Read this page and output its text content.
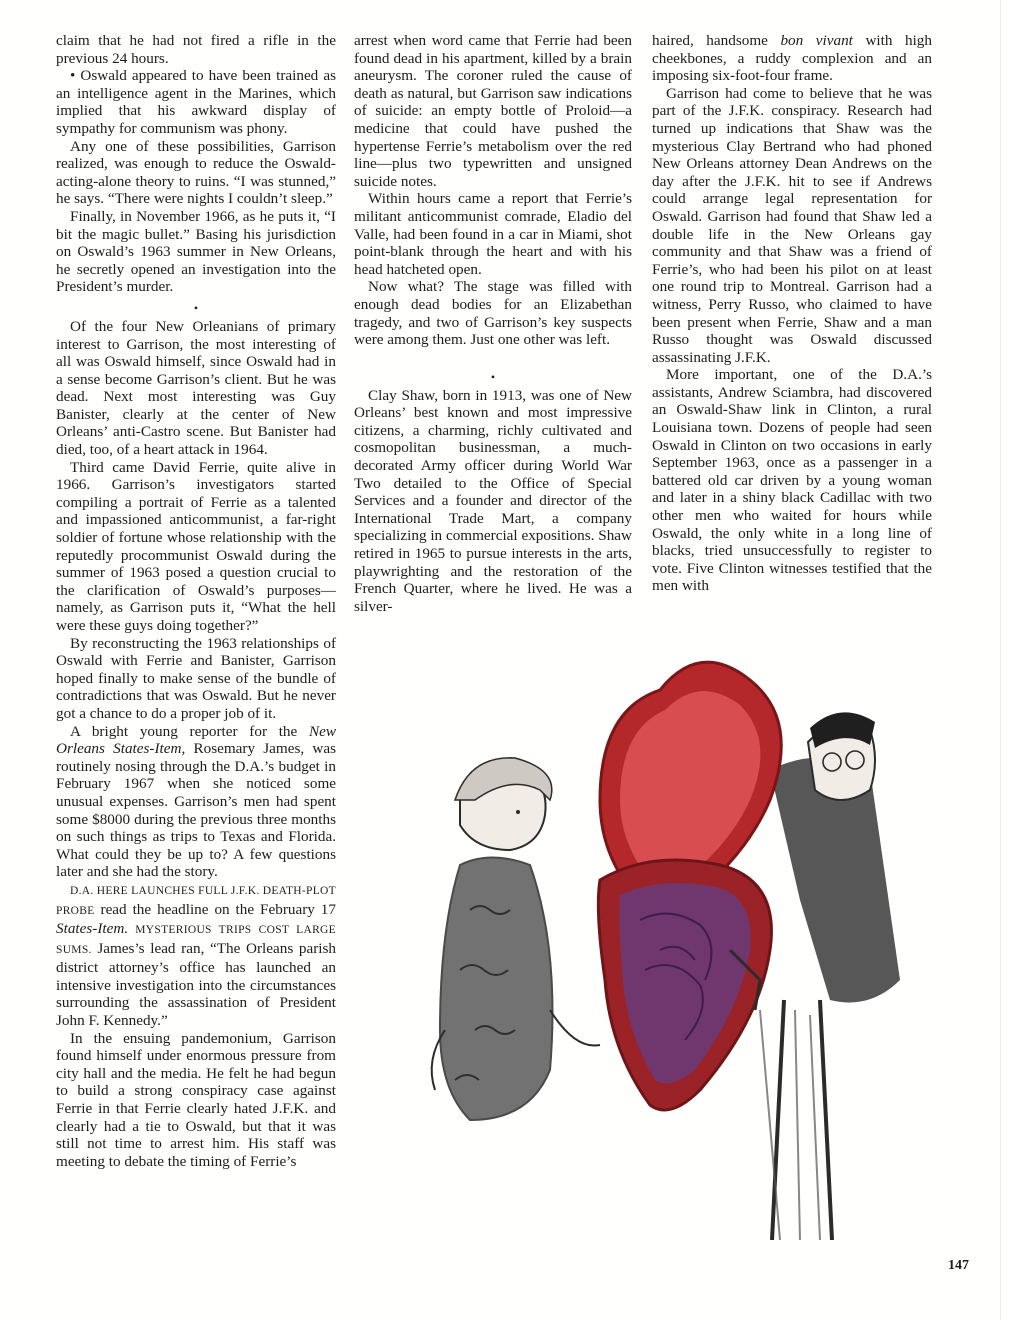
claim that he had not fired a rifle in the previous 24 hours.

• Oswald appeared to have been trained as an intelligence agent in the Marines, which implied that his awkward display of sympathy for communism was phony.

Any one of these possibilities, Garrison realized, was enough to reduce the Oswald-acting-alone theory to ruins. “I was stunned,” he says. “There were nights I couldn’t sleep.”

Finally, in November 1966, as he puts it, “I bit the magic bullet.” Basing his jurisdiction on Oswald’s 1963 summer in New Orleans, he secretly opened an investigation into the President’s murder.

•

Of the four New Orleanians of primary interest to Garrison, the most interesting of all was Oswald himself, since Oswald had in a sense become Garrison’s client. But he was dead. Next most interesting was Guy Banister, clearly at the center of New Orleans’ anti-Castro scene. But Banister had died, too, of a heart attack in 1964.

Third came David Ferrie, quite alive in 1966. Garrison’s investigators started compiling a portrait of Ferrie as a talented and impassioned anticommunist, a far-right soldier of fortune whose relationship with the reputedly procommunist Oswald during the summer of 1963 posed a question crucial to the clarification of Oswald’s purposes—namely, as Garrison puts it, “What the hell were these guys doing together?”

By reconstructing the 1963 relationships of Oswald with Ferrie and Banister, Garrison hoped finally to make sense of the bundle of contradictions that was Oswald. But he never got a chance to do a proper job of it.

A bright young reporter for the New Orleans States-Item, Rosemary James, was routinely nosing through the D.A.’s budget in February 1967 when she noticed some unusual expenses. Garrison’s men had spent some $8000 during the previous three months on such things as trips to Texas and Florida. What could they be up to? A few questions later and she had the story.

D.A. HERE LAUNCHES FULL J.F.K. DEATH-PLOT PROBE read the headline on the February 17 States-Item. MYSTERIOUS TRIPS COST LARGE SUMS. James’s lead ran, “The Orleans parish district attorney’s office has launched an intensive investigation into the circumstances surrounding the assassination of President John F. Kennedy.”

In the ensuing pandemonium, Garrison found himself under enormous pressure from city hall and the media. He felt he had begun to build a strong conspiracy case against Ferrie in that Ferrie clearly hated J.F.K. and clearly had a tie to Oswald, but that it was still not time to arrest him. His staff was meeting to debate the timing of Ferrie’s

arrest when word came that Ferrie had been found dead in his apartment, killed by a brain aneurysm. The coroner ruled the cause of death as natural, but Garrison saw indications of suicide: an empty bottle of Proloid—a medicine that could have pushed the hypertense Ferrie’s metabolism over the red line—plus two typewritten and unsigned suicide notes.

Within hours came a report that Ferrie’s militant anticommunist comrade, Eladio del Valle, had been found in a car in Miami, shot point-blank through the heart and with his head hatcheted open.

Now what? The stage was filled with enough dead bodies for an Elizabethan tragedy, and two of Garrison’s key suspects were among them. Just one other was left.

•

Clay Shaw, born in 1913, was one of New Orleans’ best known and most impressive citizens, a charming, richly cultivated and cosmopolitan businessman, a much-decorated Army officer during World War Two detailed to the Office of Special Services and a founder and director of the International Trade Mart, a company specializing in commercial expositions. Shaw retired in 1965 to pursue interests in the arts, playwrighting and the restoration of the French Quarter, where he lived. He was a silver-

haired, handsome bon vivant with high cheekbones, a ruddy complexion and an imposing six-foot-four frame.

Garrison had come to believe that he was part of the J.F.K. conspiracy. Research had turned up indications that Shaw was the mysterious Clay Bertrand who had phoned New Orleans attorney Dean Andrews on the day after the J.F.K. hit to see if Andrews could arrange legal representation for Oswald. Garrison had found that Shaw led a double life in the New Orleans gay community and that Shaw was a friend of Ferrie’s, who had been his pilot on at least one round trip to Montreal. Garrison had a witness, Perry Russo, who claimed to have been present when Ferrie, Shaw and a man Russo thought was Oswald discussed assassinating J.F.K.

More important, one of the D.A.’s assistants, Andrew Sciambra, had discovered an Oswald-Shaw link in Clinton, a rural Louisiana town. Dozens of people had seen Oswald in Clinton on two occasions in early September 1963, once as a passenger in a battered old car driven by a young woman and later in a shiny black Cadillac with two other men who waited for hours while Oswald, the only white in a long line of blacks, tried unsuccessfully to register to vote. Five Clinton witnesses testified that the men with

147
